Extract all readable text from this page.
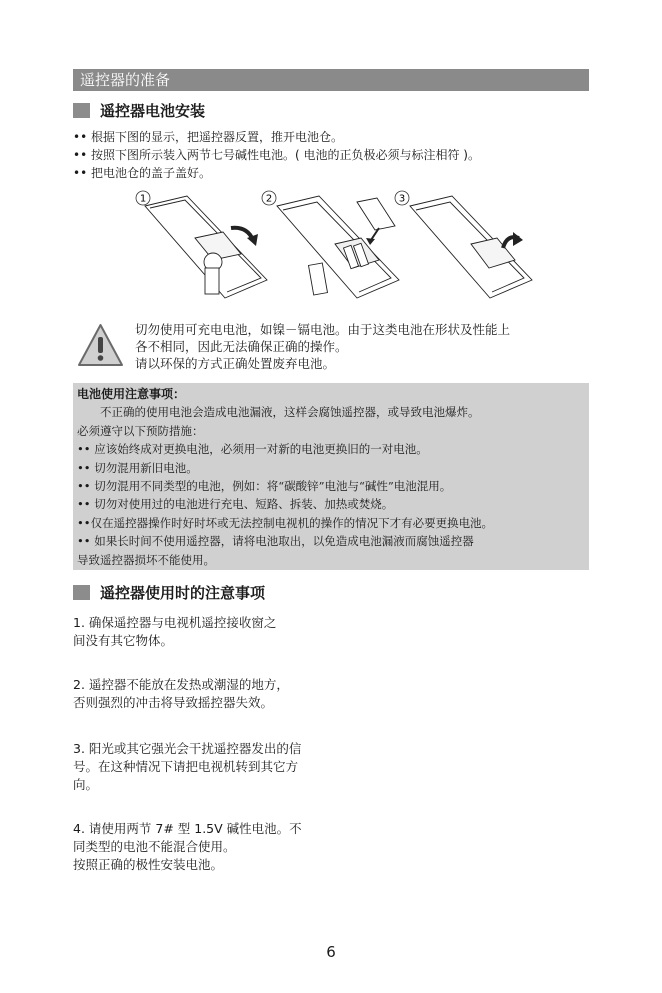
遥控器的准备
遥控器电池安装
•• 根据下图的显示，把遥控器反置，推开电池仓。
•• 按照下图所示装入两节七号碱性电池。( 电池的正负极必须与标注相符 )。
•• 把电池仓的盖子盖好。
1	2	3
切勿使用可充电电池，如镍－镉电池。由于这类电池在形状及性能上
各不相同，因此无法确保正确的操作。
请以环保的方式正确处置废弃电池。
电池使用注意事项：
　　不正确的使用电池会造成电池漏液，这样会腐蚀遥控器，或导致电池爆炸。
必须遵守以下预防措施：
•• 应该始终成对更换电池，必须用一对新的电池更换旧的一对电池。
•• 切勿混用新旧电池。
•• 切勿混用不同类型的电池，例如：将“碳酸锌”电池与“碱性”电池混用。
•• 切勿对使用过的电池进行充电、短路、拆装、加热或焚烧。
••仅在遥控器操作时好时坏或无法控制电视机的操作的情况下才有必要更换电池。
•• 如果长时间不使用遥控器，请将电池取出，以免造成电池漏液而腐蚀遥控器
导致遥控器损坏不能使用。
遥控器使用时的注意事项
1. 确保遥控器与电视机遥控接收窗之
间没有其它物体。
2. 遥控器不能放在发热或潮湿的地方，
否则强烈的冲击将导致摇控器失效。
3. 阳光或其它强光会干扰遥控器发出的信
号。在这种情况下请把电视机转到其它方
向。
4. 请使用两节 7# 型 1.5V 碱性电池。不
同类型的电池不能混合使用。
按照正确的极性安装电池。
6
